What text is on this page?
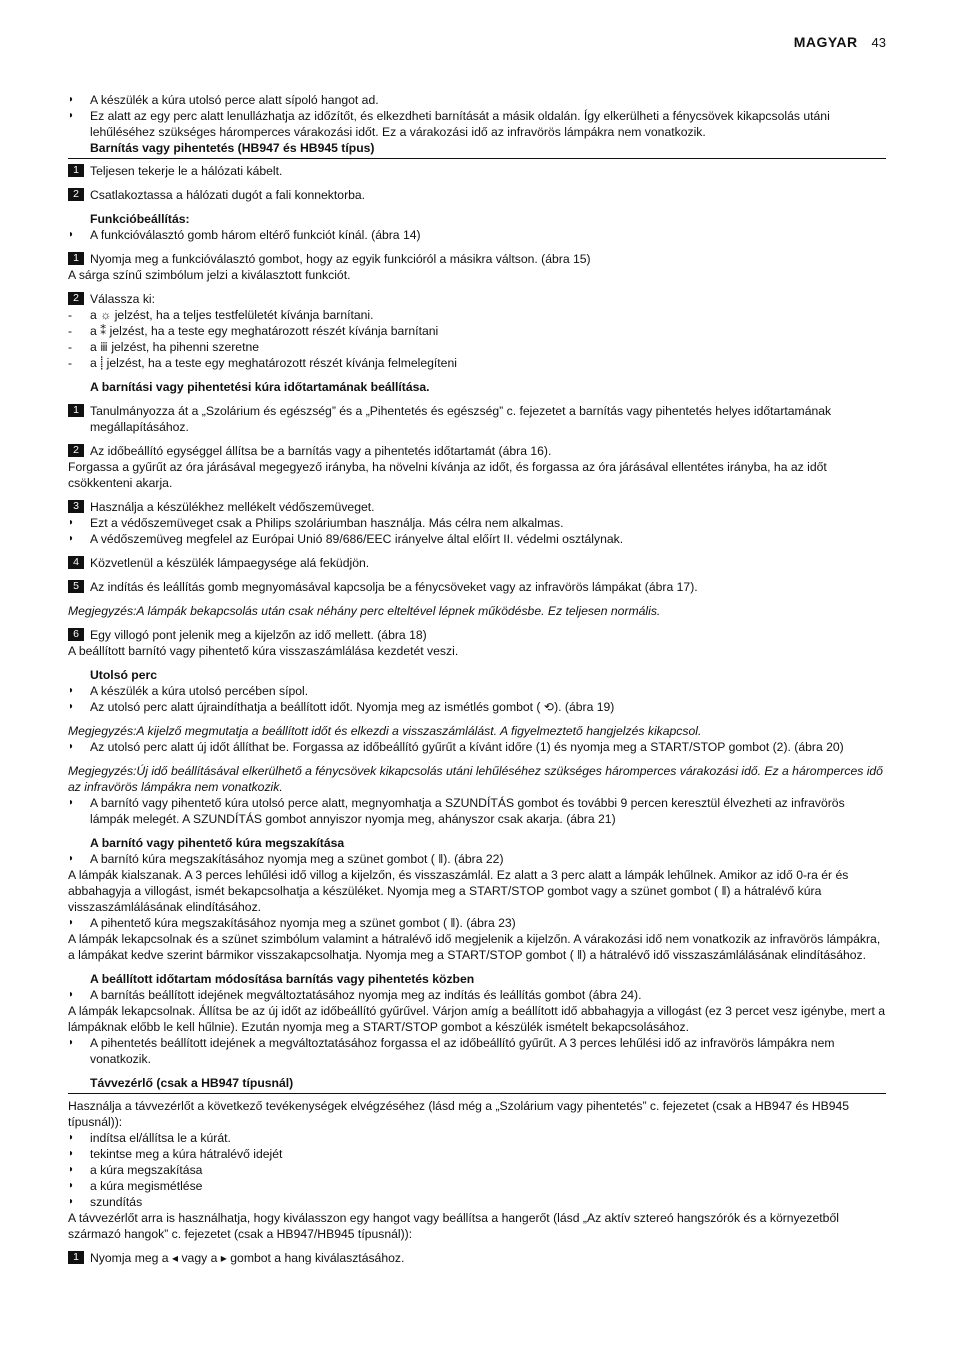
MAGYAR 43
◗ A készülék a kúra utolsó perce alatt sípoló hangot ad.
◗ Ez alatt az egy perc alatt lenullázhatja az időzítőt, és elkezdheti barnítását a másik oldalán. Így elkerülheti a fénycsövek kikapcsolás utáni lehűléséhez szükséges háromperces várakozási időt. Ez a várakozási idő az infravörös lámpákra nem vonatkozik.
Barnítás vagy pihentetés (HB947 és HB945 típus)
1 Teljesen tekerje le a hálózati kábelt.
2 Csatlakoztassa a hálózati dugót a fali konnektorba.
Funkcióbeállítás:
◗ A funkcióválasztó gomb három eltérő funkciót kínál. (ábra 14)
1 Nyomja meg a funkcióválasztó gombot, hogy az egyik funkcióról a másikra váltson. (ábra 15)
A sárga színű szimbólum jelzi a kiválasztott funkciót.
2 Válassza ki:
- a ☼ jelzést, ha a teljes testfelületét kívánja barnítani.
- a ⁑ jelzést, ha a teste egy meghatározott részét kívánja barnítani
- a ⅲ jelzést, ha pihenni szeretne
- a ⸽ jelzést, ha a teste egy meghatározott részét kívánja felmelegíteni
A barnítási vagy pihentetési kúra időtartamának beállítása.
1 Tanulmányozza át a „Szolárium és egészség” és a „Pihentetés és egészség” c. fejezetet a barnítás vagy pihentetés helyes időtartamának megállapításához.
2 Az időbeállító egységgel állítsa be a barnítás vagy a pihentetés időtartamát (ábra 16).
Forgassa a gyűrűt az óra járásával megegyező irányba, ha növelni kívánja az időt, és forgassa az óra járásával ellentétes irányba, ha az időt csökkenteni akarja.
3 Használja a készülékhez mellékelt védőszemüveget.
◗ Ezt a védőszemüveget csak a Philips szoláriumban használja. Más célra nem alkalmas.
◗ A védőszemüveg megfelel az Európai Unió 89/686/EEC irányelve által előírt II. védelmi osztálynak.
4 Közvetlenül a készülék lámpaegysége alá feküdjön.
5 Az indítás és leállítás gomb megnyomásával kapcsolja be a fénycsöveket vagy az infravörös lámpákat (ábra 17).
Megjegyzés:A lámpák bekapcsolás után csak néhány perc elteltével lépnek működésbe. Ez teljesen normális.
6 Egy villogó pont jelenik meg a kijelzőn az idő mellett. (ábra 18)
A beállított barnító vagy pihentető kúra visszaszámlálása kezdetét veszi.
Utolsó perc
◗ A készülék a kúra utolsó percében sípol.
◗ Az utolsó perc alatt újraindíthatja a beállított időt. Nyomja meg az ismétlés gombot ( ⟲). (ábra 19)
Megjegyzés:A kijelző megmutatja a beállított időt és elkezdi a visszaszámlálást. A figyelmeztető hangjelzés kikapcsol.
◗ Az utolsó perc alatt új időt állíthat be. Forgassa az időbeállító gyűrűt a kívánt időre (1) és nyomja meg a START/STOP gombot (2). (ábra 20)
Megjegyzés:Új idő beállításával elkerülhető a fénycsövek kikapcsolás utáni lehűléséhez szükséges háromperces várakozási idő. Ez a háromperces idő az infravörös lámpákra nem vonatkozik.
◗ A barnító vagy pihentető kúra utolsó perce alatt, megnyomhatja a SZUNDÍTÁS gombot és további 9 percen keresztül élvezheti az infravörös lámpák melegét. A SZUNDÍTÁS gombot annyiszor nyomja meg, ahányszor csak akarja. (ábra 21)
A barnító vagy pihentető kúra megszakítása
◗ A barnító kúra megszakításához nyomja meg a szünet gombot ( ǁ). (ábra 22)
A lámpák kialszanak. A 3 perces lehűlési idő villog a kijelzőn, és visszaszámlál. Ez alatt a 3 perc alatt a lámpák lehűlnek. Amikor az idő 0-ra ér és abbahagyja a villogást, ismét bekapcsolhatja a készüléket. Nyomja meg a START/STOP gombot vagy a szünet gombot ( ǁ) a hátralévő kúra visszaszámlálásának elindításához.
◗ A pihentető kúra megszakításához nyomja meg a szünet gombot ( ǁ). (ábra 23)
A lámpák lekapcsolnak és a szünet szimbólum valamint a hátralévő idő megjelenik a kijelzőn. A várakozási idő nem vonatkozik az infravörös lámpákra, a lámpákat kedve szerint bármikor visszakapcsolhatja. Nyomja meg a START/STOP gombot ( ǁ) a hátralévő idő visszaszámlálásának elindításához.
A beállított időtartam módosítása barnítás vagy pihentetés közben
◗ A barnítás beállított idejének megváltoztatásához nyomja meg az indítás és leállítás gombot (ábra 24).
A lámpák lekapcsolnak. Állítsa be az új időt az időbeállító gyűrűvel. Várjon amíg a beállított idő abbahagyja a villogást (ez 3 percet vesz igénybe, mert a lámpáknak előbb le kell hűlnie). Ezután nyomja meg a START/STOP gombot a készülék ismételt bekapcsolásához.
◗ A pihentetés beállított idejének a megváltoztatásához forgassa el az időbeállító gyűrűt. A 3 perces lehűlési idő az infravörös lámpákra nem vonatkozik.
Távvezérlő (csak a HB947 típusnál)
Használja a távvezérlőt a következő tevékenységek elvégzéséhez (lásd még a „Szolárium vagy pihentetés” c. fejezetet (csak a HB947 és HB945 típusnál)):
◗ indítsa el/állítsa le a kúrát.
◗ tekintse meg a kúra hátralévő idejét
◗ a kúra megszakítása
◗ a kúra megismétlése
◗ szundítás
A távvezérlőt arra is használhatja, hogy kiválasszon egy hangot vagy beállítsa a hangerőt (lásd „Az aktív sztereó hangszórók és a környezetből származó hangok” c. fejezetet (csak a HB947/HB945 típusnál)):
1 Nyomja meg a ◂ vagy a ▸ gombot a hang kiválasztásához.
